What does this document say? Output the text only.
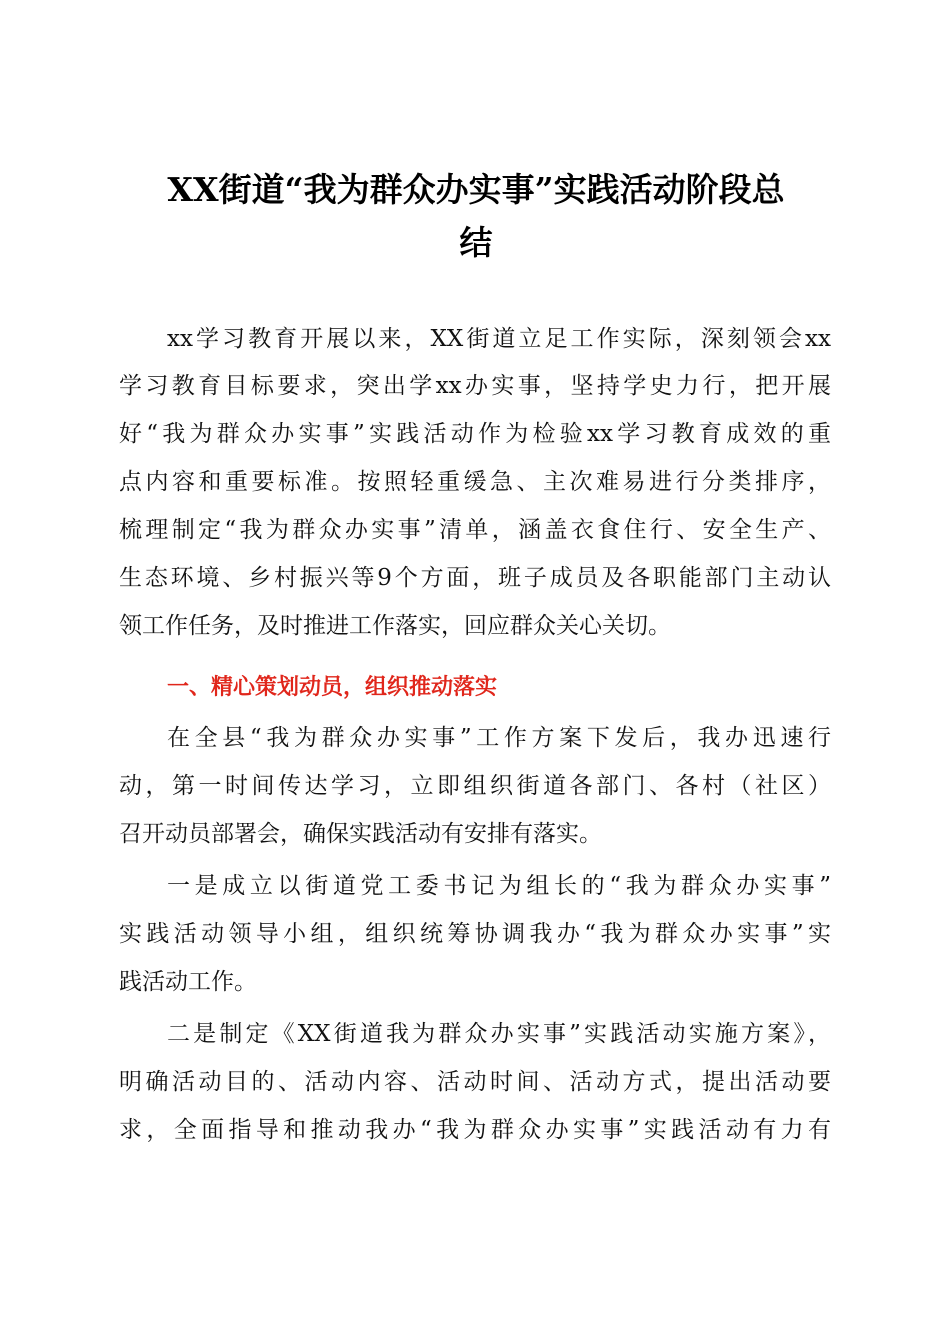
XX街道“我为群众办实事”实践活动阶段总
结

xx学习教育开展以来，XX街道立足工作实际，深刻领会xx

学习教育目标要求，突出学xx办实事，坚持学史力行，把开展

好“我为群众办实事”实践活动作为检验xx学习教育成效的重

点内容和重要标准。按照轻重缓急、主次难易进行分类排序，

梳理制定“我为群众办实事”清单，涵盖衣食住行、安全生产、

生态环境、乡村振兴等9个方面，班子成员及各职能部门主动认

领工作任务，及时推进工作落实，回应群众关心关切。

一、精心策划动员，组织推动落实

在全县“我为群众办实事”工作方案下发后，我办迅速行

动，第一时间传达学习，立即组织街道各部门、各村（社区）

召开动员部署会，确保实践活动有安排有落实。

一是成立以街道党工委书记为组长的“我为群众办实事”

实践活动领导小组，组织统筹协调我办“我为群众办实事”实

践活动工作。

二是制定《XX街道我为群众办实事”实践活动实施方案》，

明确活动目的、活动内容、活动时间、活动方式，提出活动要

求，全面指导和推动我办“我为群众办实事”实践活动有力有
